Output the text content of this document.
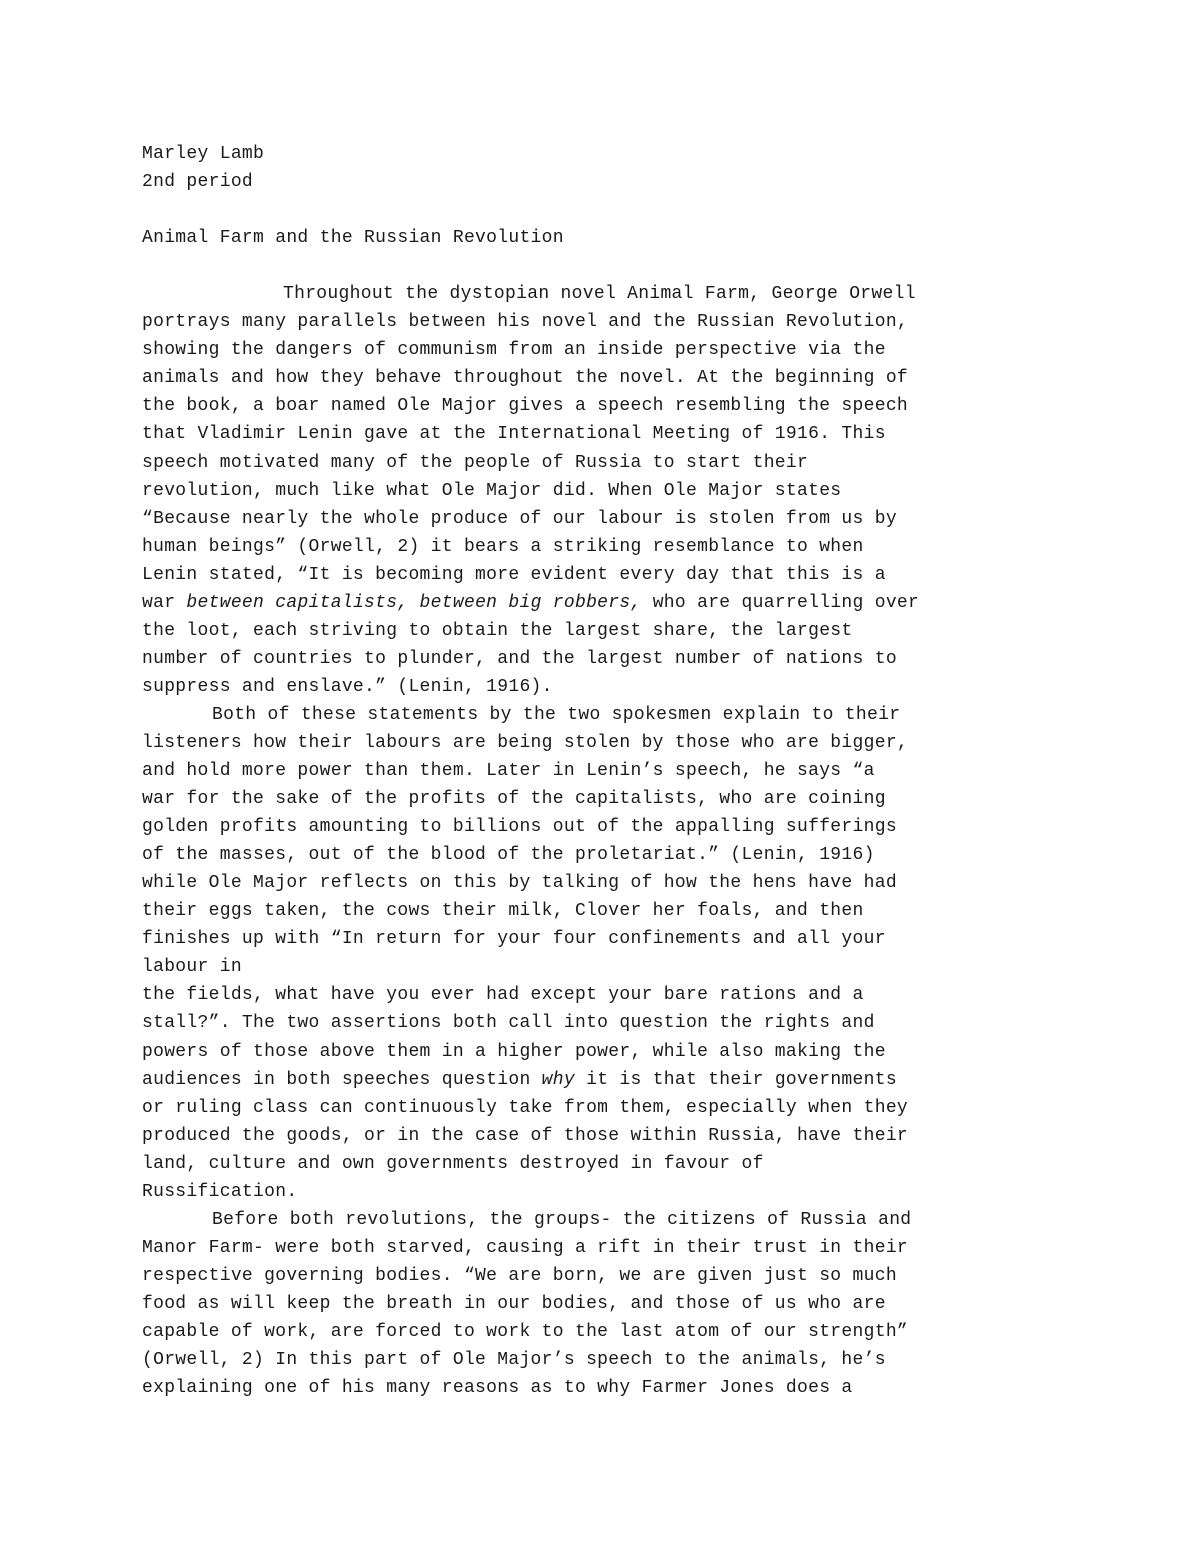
Marley Lamb
2nd period
Animal Farm and the Russian Revolution
Throughout the dystopian novel Animal Farm, George Orwell
portrays many parallels between his novel and the Russian Revolution,
showing the dangers of communism from an inside perspective via the
animals and how they behave throughout the novel. At the beginning of
the book, a boar named Ole Major gives a speech resembling the speech
that Vladimir Lenin gave at the International Meeting of 1916. This
speech motivated many of the people of Russia to start their
revolution, much like what Ole Major did. When Ole Major states
“Because nearly the whole produce of our labour is stolen from us by
human beings” (Orwell, 2) it bears a striking resemblance to when
Lenin stated, “It is becoming more evident every day that this is a
war between capitalists, between big robbers, who are quarrelling over
the loot, each striving to obtain the largest share, the largest
number of countries to plunder, and the largest number of nations to
suppress and enslave.” (Lenin, 1916).
Both of these statements by the two spokesmen explain to their
listeners how their labours are being stolen by those who are bigger,
and hold more power than them. Later in Lenin’s speech, he says “a
war for the sake of the profits of the capitalists, who are coining
golden profits amounting to billions out of the appalling sufferings
of the masses, out of the blood of the proletariat.” (Lenin, 1916)
while Ole Major reflects on this by talking of how the hens have had
their eggs taken, the cows their milk, Clover her foals, and then
finishes up with “In return for your four confinements and all your
labour in
the fields, what have you ever had except your bare rations and a
stall?”. The two assertions both call into question the rights and
powers of those above them in a higher power, while also making the
audiences in both speeches question why it is that their governments
or ruling class can continuously take from them, especially when they
produced the goods, or in the case of those within Russia, have their
land, culture and own governments destroyed in favour of
Russification.
Before both revolutions, the groups- the citizens of Russia and
Manor Farm- were both starved, causing a rift in their trust in their
respective governing bodies. “We are born, we are given just so much
food as will keep the breath in our bodies, and those of us who are
capable of work, are forced to work to the last atom of our strength”
(Orwell, 2) In this part of Ole Major’s speech to the animals, he’s
explaining one of his many reasons as to why Farmer Jones does a
